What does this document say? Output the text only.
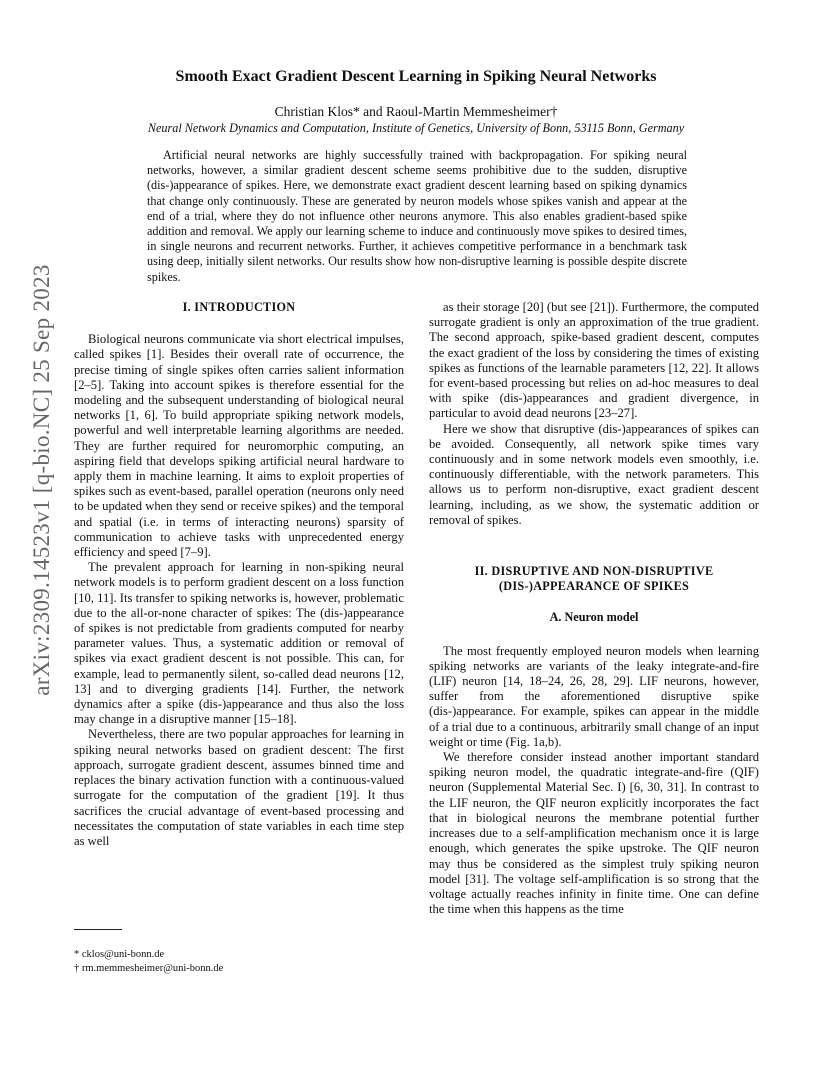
arXiv:2309.14523v1 [q-bio.NC] 25 Sep 2023
Smooth Exact Gradient Descent Learning in Spiking Neural Networks
Christian Klos* and Raoul-Martin Memmesheimer†
Neural Network Dynamics and Computation, Institute of Genetics, University of Bonn, 53115 Bonn, Germany

Artificial neural networks are highly successfully trained with backpropagation. For spiking neural networks, however, a similar gradient descent scheme seems prohibitive due to the sudden, disruptive (dis-)appearance of spikes. Here, we demonstrate exact gradient descent learning based on spiking dynamics that change only continuously. These are generated by neuron models whose spikes vanish and appear at the end of a trial, where they do not influence other neurons anymore. This also enables gradient-based spike addition and removal. We apply our learning scheme to induce and continuously move spikes to desired times, in single neurons and recurrent networks. Further, it achieves competitive performance in a benchmark task using deep, initially silent networks. Our results show how non-disruptive learning is possible despite discrete spikes.

I. INTRODUCTION

Biological neurons communicate via short electrical impulses, called spikes [1]. Besides their overall rate of occurrence, the precise timing of single spikes often carries salient information [2–5]. Taking into account spikes is therefore essential for the modeling and the subsequent understanding of biological neural networks [1, 6]. To build appropriate spiking network models, powerful and well interpretable learning algorithms are needed. They are further required for neuromorphic computing, an aspiring field that develops spiking artificial neural hardware to apply them in machine learning. It aims to exploit properties of spikes such as event-based, parallel operation (neurons only need to be updated when they send or receive spikes) and the temporal and spatial (i.e. in terms of interacting neurons) sparsity of communication to achieve tasks with unprecedented energy efficiency and speed [7–9].

The prevalent approach for learning in non-spiking neural network models is to perform gradient descent on a loss function [10, 11]. Its transfer to spiking networks is, however, problematic due to the all-or-none character of spikes: The (dis-)appearance of spikes is not predictable from gradients computed for nearby parameter values. Thus, a systematic addition or removal of spikes via exact gradient descent is not possible. This can, for example, lead to permanently silent, so-called dead neurons [12, 13] and to diverging gradients [14]. Further, the network dynamics after a spike (dis-)appearance and thus also the loss may change in a disruptive manner [15–18].

Nevertheless, there are two popular approaches for learning in spiking neural networks based on gradient descent: The first approach, surrogate gradient descent, assumes binned time and replaces the binary activation function with a continuous-valued surrogate for the computation of the gradient [19]. It thus sacrifices the crucial advantage of event-based processing and necessitates the computation of state variables in each time step as well

as their storage [20] (but see [21]). Furthermore, the computed surrogate gradient is only an approximation of the true gradient. The second approach, spike-based gradient descent, computes the exact gradient of the loss by considering the times of existing spikes as functions of the learnable parameters [12, 22]. It allows for event-based processing but relies on ad-hoc measures to deal with spike (dis-)appearances and gradient divergence, in particular to avoid dead neurons [23–27].

Here we show that disruptive (dis-)appearances of spikes can be avoided. Consequently, all network spike times vary continuously and in some network models even smoothly, i.e. continuously differentiable, with the network parameters. This allows us to perform non-disruptive, exact gradient descent learning, including, as we show, the systematic addition or removal of spikes.

II. DISRUPTIVE AND NON-DISRUPTIVE
(DIS-)APPEARANCE OF SPIKES
A. Neuron model

The most frequently employed neuron models when learning spiking networks are variants of the leaky integrate-and-fire (LIF) neuron [14, 18–24, 26, 28, 29]. LIF neurons, however, suffer from the aforementioned disruptive spike (dis-)appearance. For example, spikes can appear in the middle of a trial due to a continuous, arbitrarily small change of an input weight or time (Fig. 1a,b).

We therefore consider instead another important standard spiking neuron model, the quadratic integrate-and-fire (QIF) neuron (Supplemental Material Sec. I) [6, 30, 31]. In contrast to the LIF neuron, the QIF neuron explicitly incorporates the fact that in biological neurons the membrane potential further increases due to a self-amplification mechanism once it is large enough, which generates the spike upstroke. The QIF neuron may thus be considered as the simplest truly spiking neuron model [31]. The voltage self-amplification is so strong that the voltage actually reaches infinity in finite time. One can define the time when this happens as the time

* cklos@uni-bonn.de
† rm.memmesheimer@uni-bonn.de
